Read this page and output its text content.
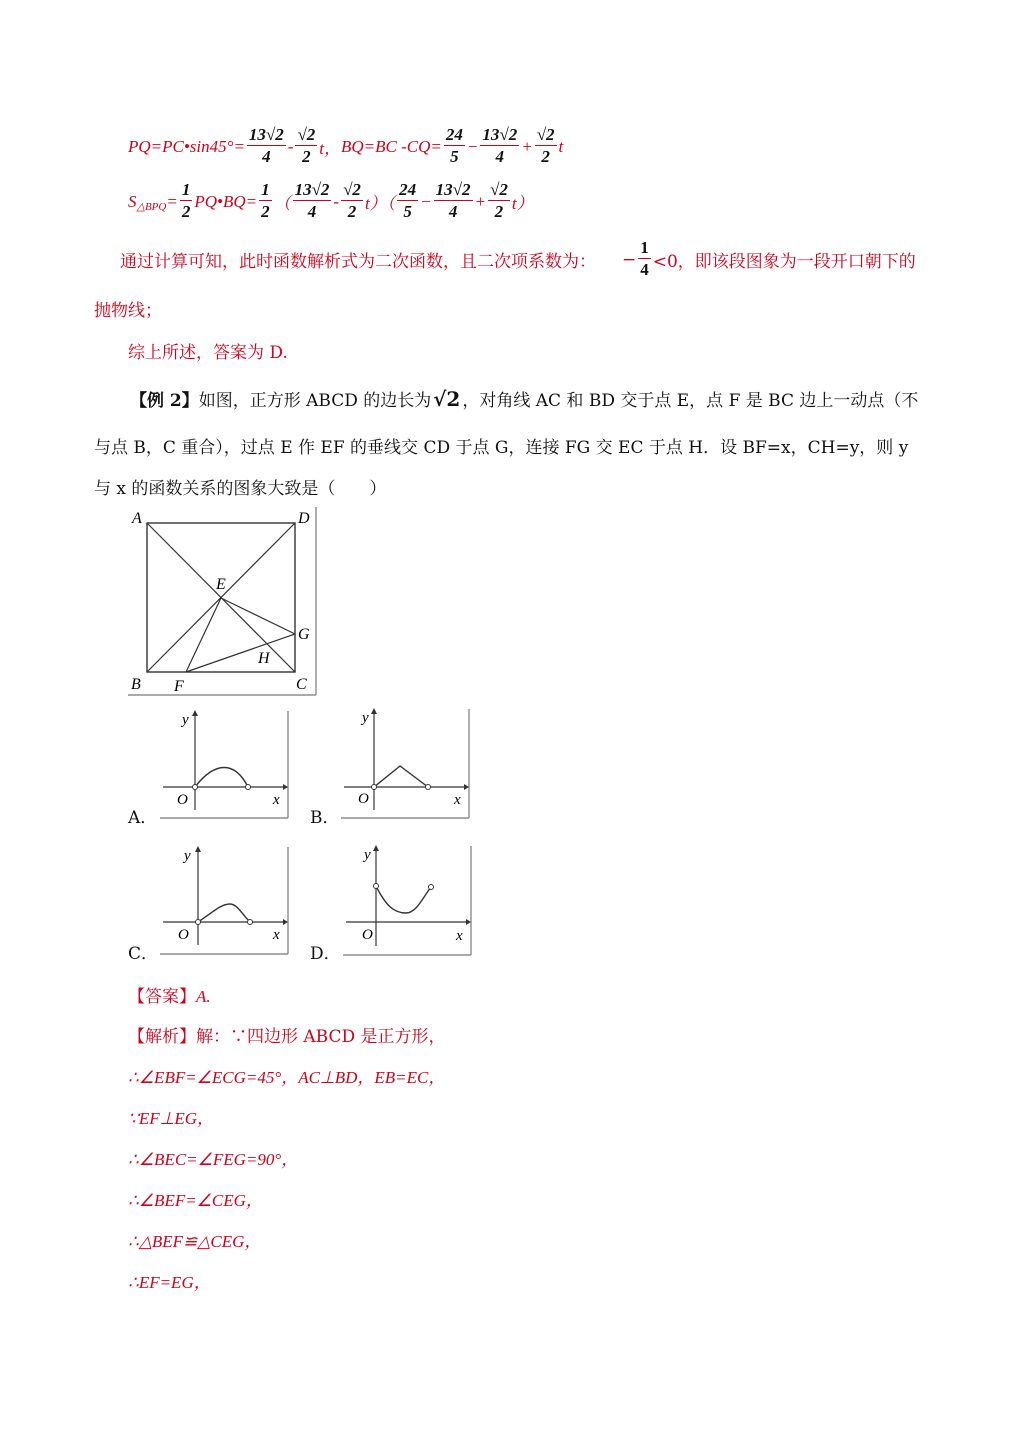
PQ=PC•sin45°= $\frac{13√2}{4} - \frac{√2}{2}$ t， BQ=BC $-CQ= \frac{24}{5} - \frac{13√2}{4} + \frac{√2}{2}$ t
$S_{\triangle BPQ} = \frac{1}{2}$ PQ•BQ= $\frac{1}{2}$ （ $\frac{13√2}{4} - \frac{√2}{2} t)( \frac{24}{5} - \frac{13√2}{4} + \frac{√2}{2} t)$
通过计算可知，此时函数解析式为二次函数，且二次项系数为： − $\frac{1}{4} <0$，即该段图象为一段开口朝下的
抛物线；
综上所述，答案为 D.
【例 2】 如图，正方形 ABCD 的边长为 √2 ，对角线 AC 和 BD 交于点 E，点 F 是 BC 边上一动点（不
与点 B，C 重合），过点 E 作 EF 的垂线交 CD 于点 G，连接 FG 交 EC 于点 H．设 BF=x，CH=y，则 y
与 x 的函数关系的图象大致是（　　）
A	D
E
G
H
B F	C
y
x
O
A．
y
x
O
B．
y
x
O
C．
y
x
O
D．
【答案】A.
【解析】解：∵四边形 ABCD 是正方形，
∴∠EBF=∠ECG=45°，AC⊥BD，EB=EC，
∵EF⊥EG，
∴∠BEC=∠FEG=90°，
∴∠BEF=∠CEG，
∴△BEF≌△CEG，
∴EF=EG，
